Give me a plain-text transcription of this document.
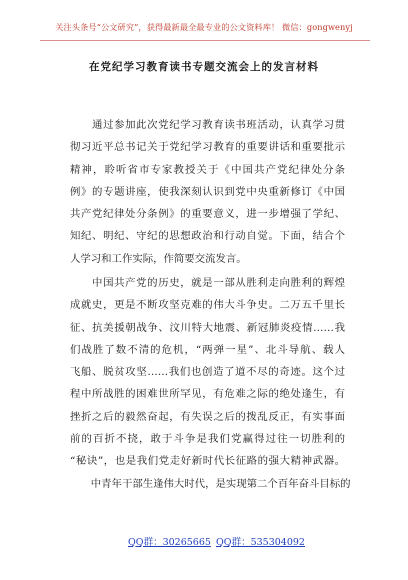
关注头条号“公文研究”，获得最新最全最专业的公文资料库！ 微信：gongwenyj
在党纪学习教育读书专题交流会上的发言材料
　　通过参加此次党纪学习教育读书班活动，认真学习贯
彻习近平总书记关于党纪学习教育的重要讲话和重要批示
精神，聆听省市专家教授关于《中国共产党纪律处分条
例》的专题讲座，使我深刻认识到党中央重新修订《中国
共产党纪律处分条例》的重要意义，进一步增强了学纪、
知纪、明纪、守纪的思想政治和行动自觉。下面，结合个
人学习和工作实际，作简要交流发言。
　　中国共产党的历史，就是一部从胜利走向胜利的辉煌
成就史，更是不断攻坚克难的伟大斗争史。二万五千里长
征、抗美援朝战争、汶川特大地震、新冠肺炎疫情……我
们战胜了数不清的危机，“两弹一星”、北斗导航、载人
飞船、脱贫攻坚……我们也创造了道不尽的奇迹。这个过
程中所战胜的困难世所罕见，有危难之际的绝处逢生，有
挫折之后的毅然奋起，有失误之后的拨乱反正，有实事面
前的百折不挠，敢于斗争是我们党赢得过往一切胜利的
“秘诀”，也是我们党走好新时代长征路的强大精神武器。
　　中青年干部生逢伟大时代，是实现第二个百年奋斗目标的
QQ群：30265665 QQ群：535304092
